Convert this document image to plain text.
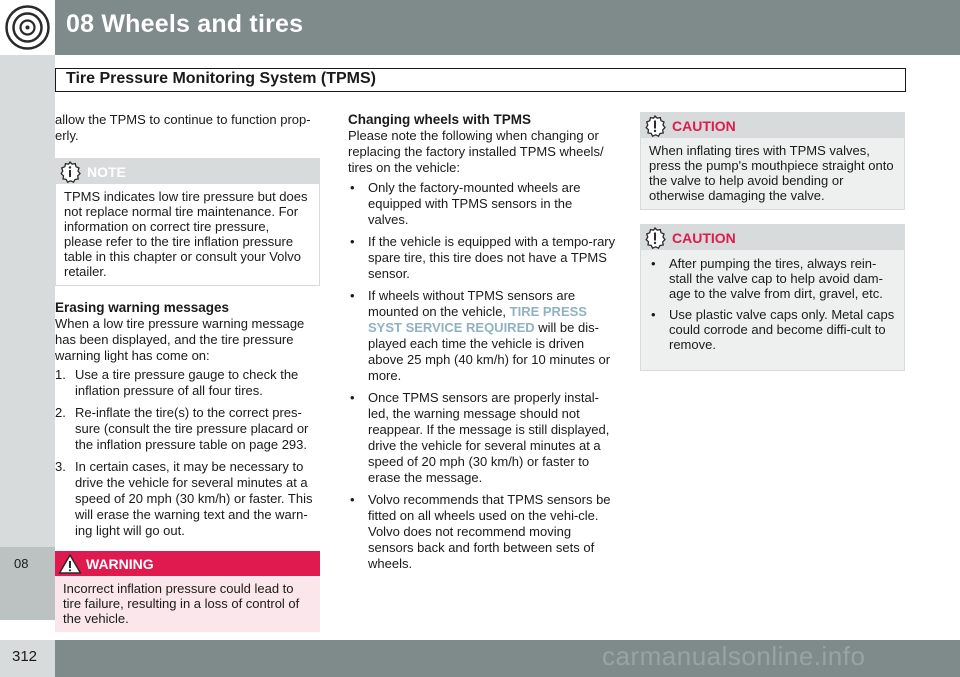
08 Wheels and tires
Tire Pressure Monitoring System (TPMS)
08

allow the TPMS to continue to function prop-erly.

NOTE
TPMS indicates low tire pressure but does not replace normal tire maintenance. For information on correct tire pressure, please refer to the tire inflation pressure table in this chapter or consult your Volvo retailer.
Erasing warning messages

When a low tire pressure warning message has been displayed, and the tire pressure warning light has come on:

1. Use a tire pressure gauge to check the inflation pressure of all four tires.
2. Re-inflate the tire(s) to the correct pres-sure (consult the tire pressure placard or the inflation pressure table on page 293.
3. In certain cases, it may be necessary to drive the vehicle for several minutes at a speed of 20 mph (30 km/h) or faster. This will erase the warning text and the warn-ing light will go out.
WARNING
Incorrect inflation pressure could lead to tire failure, resulting in a loss of control of the vehicle.
Changing wheels with TPMS

Please note the following when changing or replacing the factory installed TPMS wheels/ tires on the vehicle:

• Only the factory-mounted wheels are equipped with TPMS sensors in the valves.
• If the vehicle is equipped with a tempo-rary spare tire, this tire does not have a TPMS sensor.
• If wheels without TPMS sensors are mounted on the vehicle, TIRE PRESS SYST SERVICE REQUIRED will be dis-played each time the vehicle is driven above 25 mph (40 km/h) for 10 minutes or more.
• Once TPMS sensors are properly instal-led, the warning message should not reappear. If the message is still displayed, drive the vehicle for several minutes at a speed of 20 mph (30 km/h) or faster to erase the message.
• Volvo recommends that TPMS sensors be fitted on all wheels used on the vehi-cle. Volvo does not recommend moving sensors back and forth between sets of wheels.
CAUTION
When inflating tires with TPMS valves, press the pump's mouthpiece straight onto the valve to help avoid bending or otherwise damaging the valve.
CAUTION
• After pumping the tires, always rein-stall the valve cap to help avoid dam-age to the valve from dirt, gravel, etc.
• Use plastic valve caps only. Metal caps could corrode and become diffi-cult to remove.
312	carmanualsonline.info
